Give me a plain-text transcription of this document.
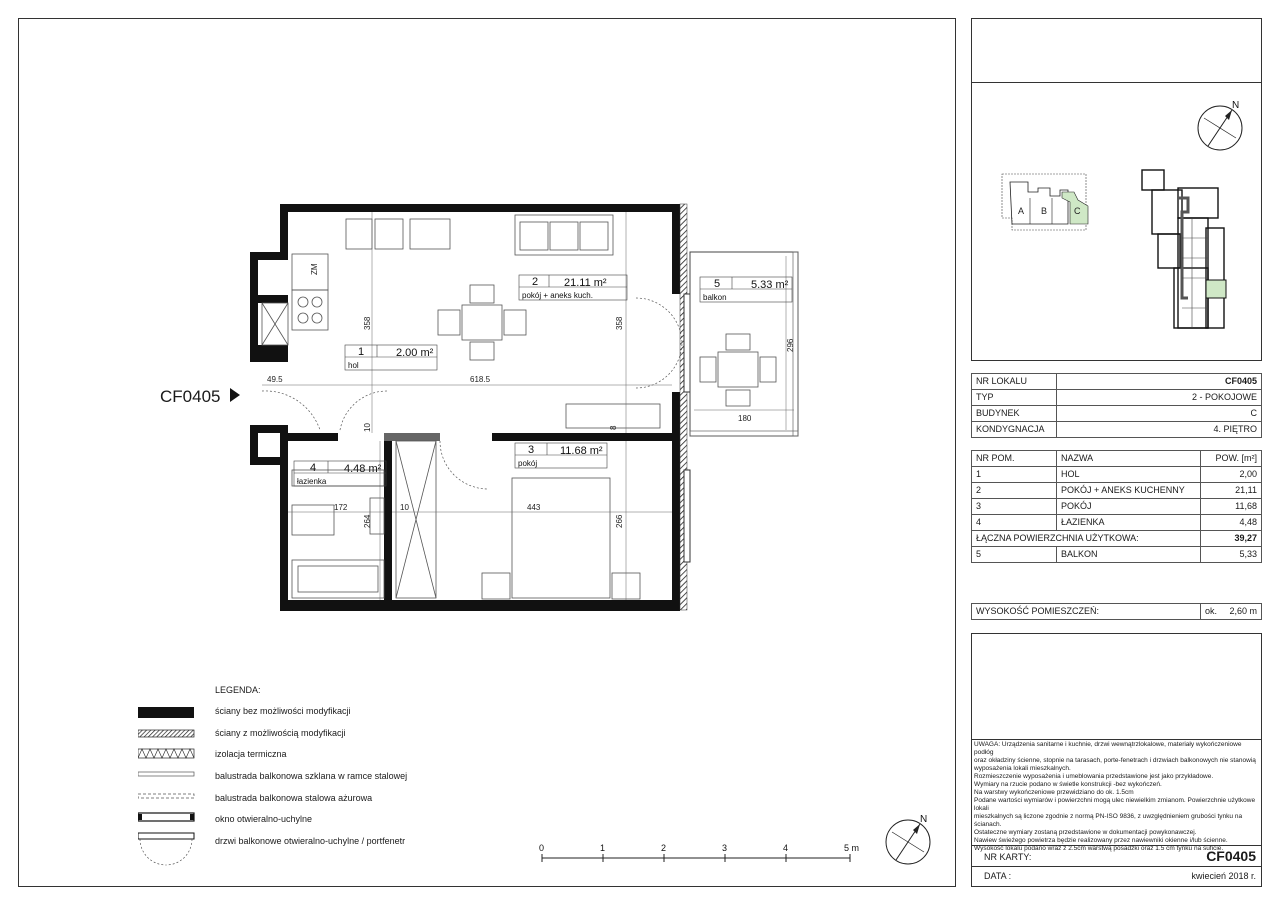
1	2.00 m²
2 21.11 m²
3 11.68 m²
4	4.48 m²
5	5.33 m²
hol
pokój + aneks kuch.
pokój
łazienka
balkon
49.5	618.5
358	358
296
180
172
264
10	443
266
10	8
ZM
CF0405
LEGENDA:
ściany bez możliwości modyfikacji
ściany z możliwością modyfikacji
izolacja termiczna
balustrada balkonowa szklana w ramce stalowej
balustrada balkonowa stalowa ażurowa
okno otwieralno-uchylne
drzwi balkonowe otwieralno-uchylne / portfenetr
0	1	2	3	4	5 m
N
N
A B	C
NR LOKALU	CF0405
TYP	2 - POKOJOWE
BUDYNEK	C
KONDYGNACJA	4. PIĘTRO
NR POM.	NAZWA	POW. [m²]
1	HOL	2,00
2	POKÓJ + ANEKS KUCHENNY	21,11
3	POKÓJ	11,68
4	ŁAZIENKA	4,48
ŁĄCZNA POWIERZCHNIA UŻYTKOWA:		39,27
5	BALKON	5,33
WYSOKOŚĆ POMIESZCZEŃ:	ok.	2,60 m
UWAGA: Urządzenia sanitarne i kuchnie, drzwi wewnątrzlokalowe, materiały wykończeniowe podłóg
oraz okładziny ścienne, stopnie na tarasach, porte-fenetrach i drzwiach balkonowych nie stanowią
wyposażenia lokali mieszkalnych.
Rozmieszczenie wyposażenia i umeblowania przedstawione jest jako przykładowe.
Wymiary na rzucie podano w świetle konstrukcji -bez wykończeń.
Na warstwy wykończeniowe przewidziano do ok. 1.5cm
Podane wartości wymiarów i powierzchni mogą ulec niewielkim zmianom. Powierzchnie użytkowe lokali
mieszkalnych są liczone zgodnie z normą PN-ISO 9836, z uwzględnieniem grubości tynku na ścianach.
Ostateczne wymiary zostaną przedstawione w dokumentacji powykonawczej.
Nawiew świeżego powietrza będzie realizowany przez nawiewniki okienne i/lub ścienne.
Wysokość lokalu podano wraz z 2.5cm warstwą posadzki oraz 1.5 cm tynku na suficie.
NR KARTY:	CF0405
DATA :	kwiecień 2018 r.
